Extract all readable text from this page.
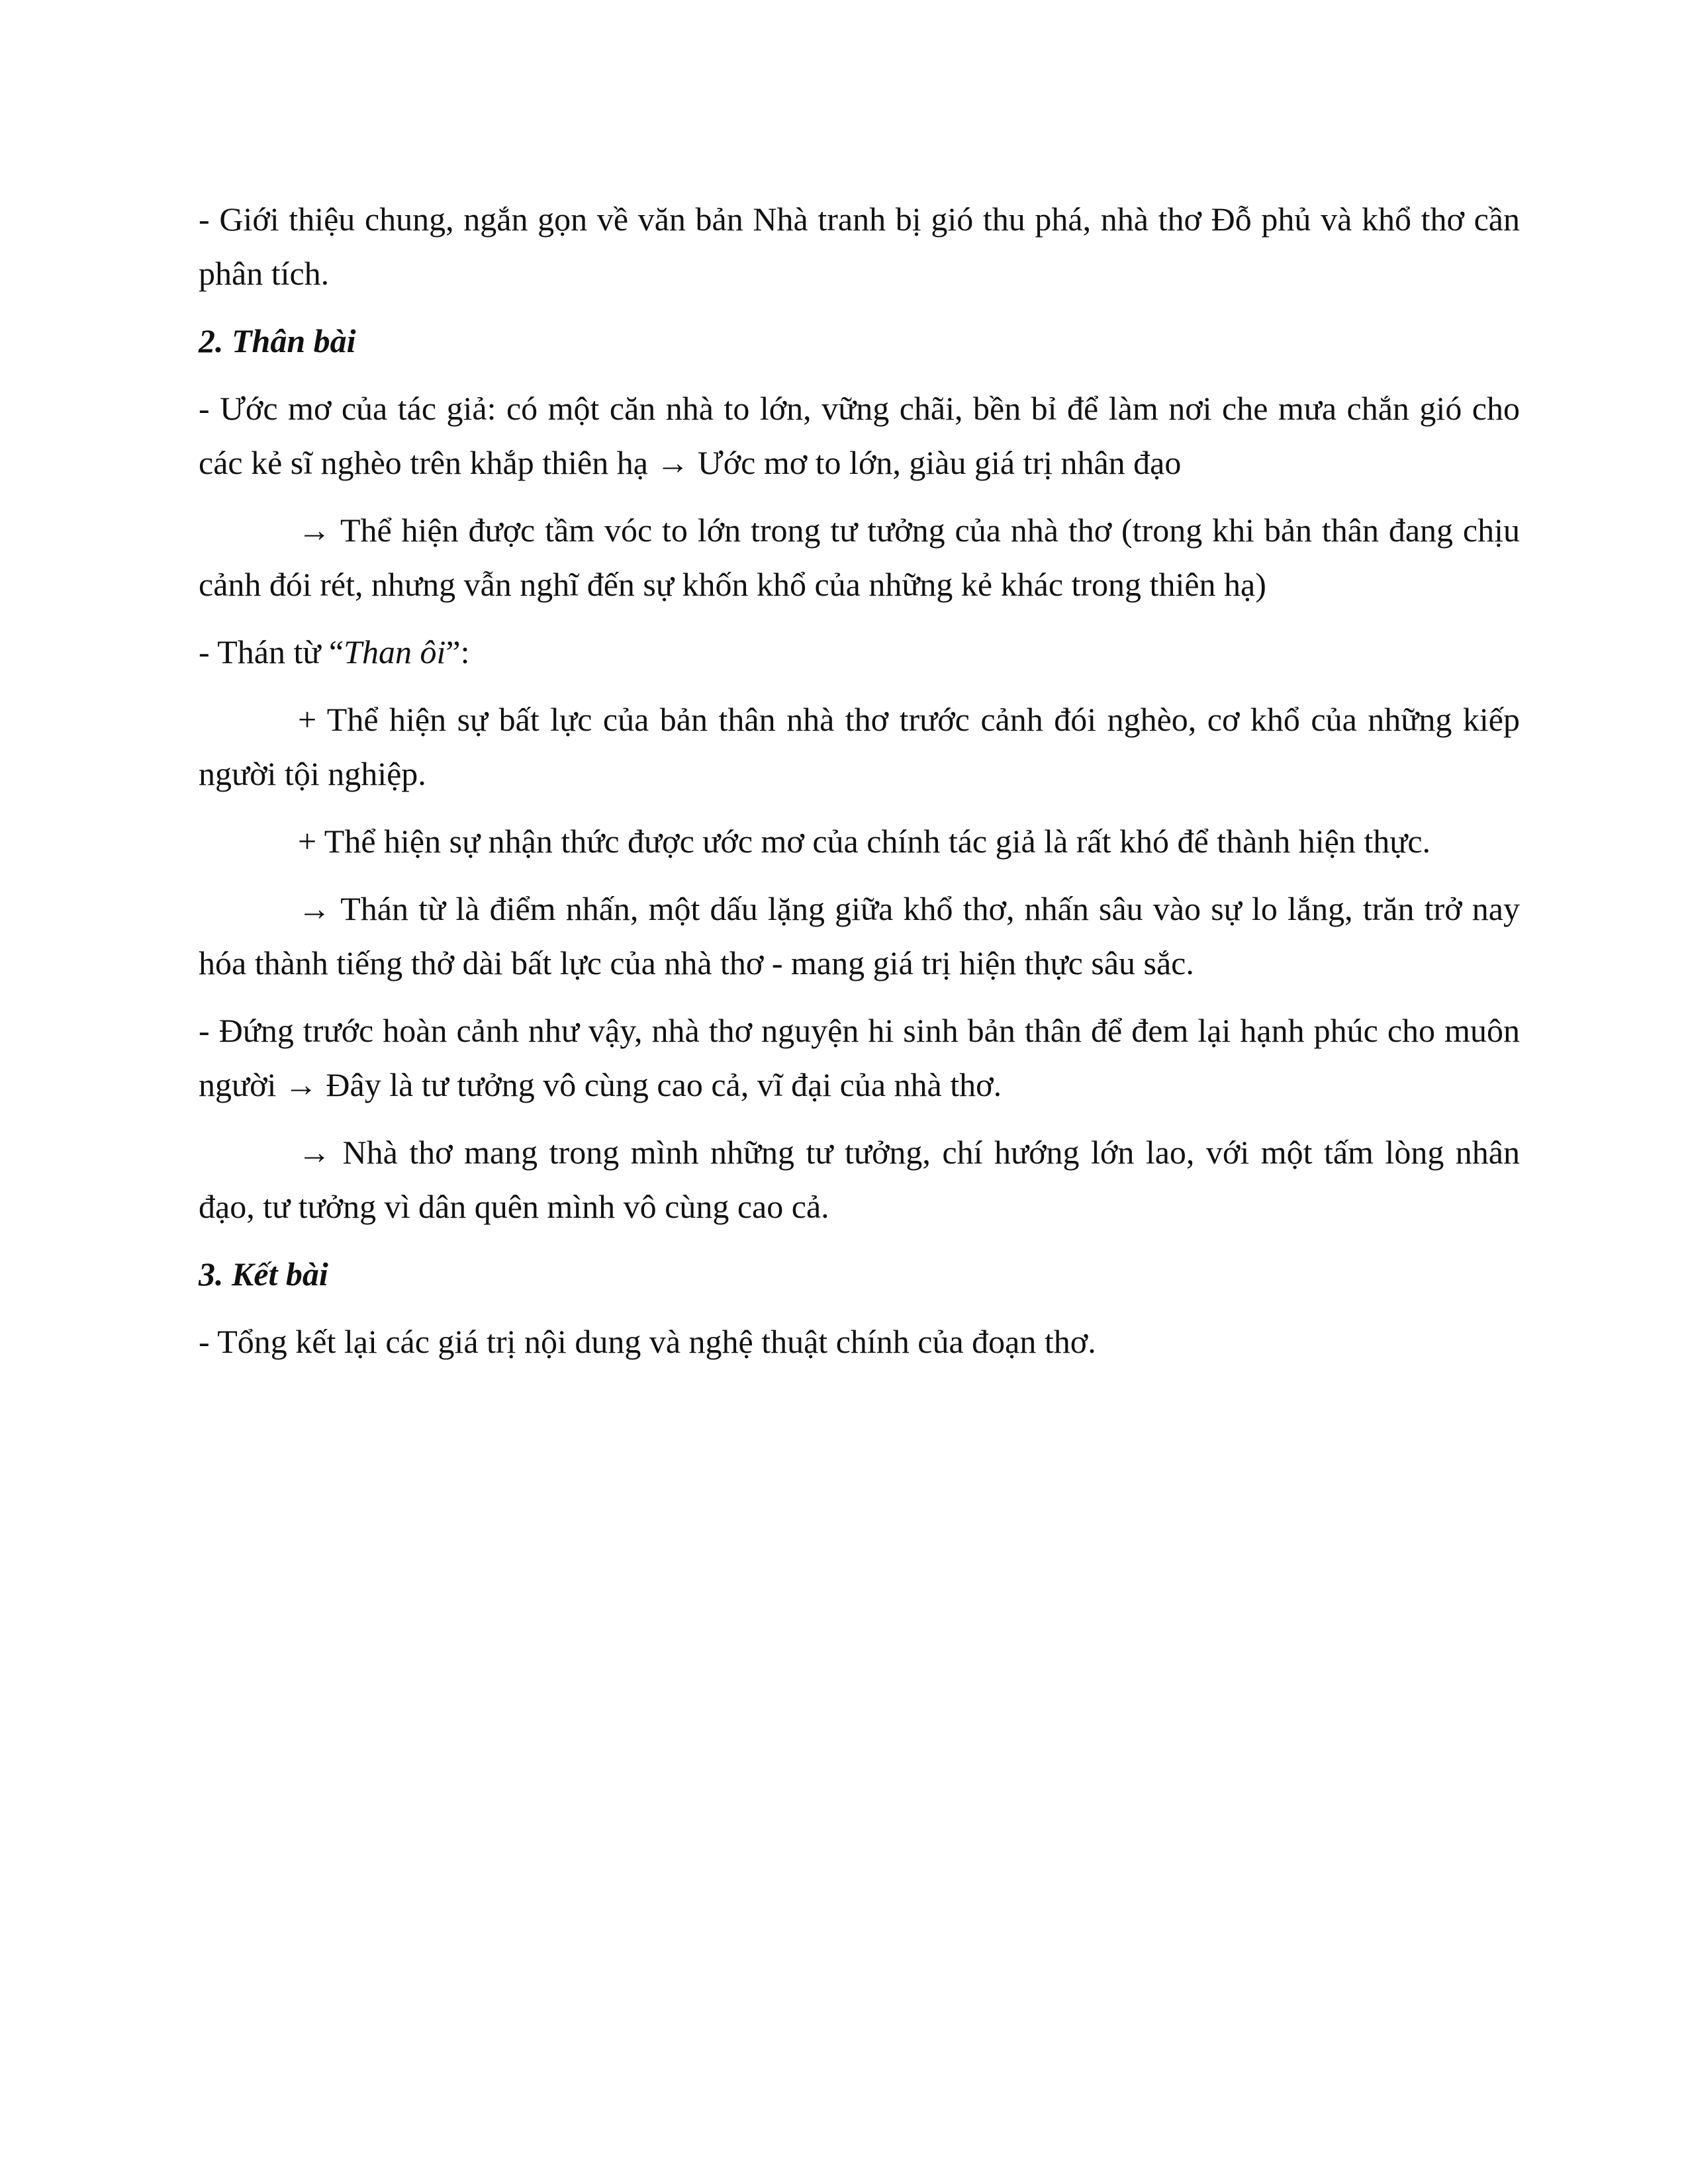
- Giới thiệu chung, ngắn gọn về văn bản Nhà tranh bị gió thu phá, nhà thơ Đỗ phủ và khổ thơ cần phân tích.

2. Thân bài

- Ước mơ của tác giả: có một căn nhà to lớn, vững chãi, bền bỉ để làm nơi che mưa chắn gió cho các kẻ sĩ nghèo trên khắp thiên hạ → Ước mơ to lớn, giàu giá trị nhân đạo

→ Thể hiện được tầm vóc to lớn trong tư tưởng của nhà thơ (trong khi bản thân đang chịu cảnh đói rét, nhưng vẫn nghĩ đến sự khốn khổ của những kẻ khác trong thiên hạ)

- Thán từ “Than ôi”:

+ Thể hiện sự bất lực của bản thân nhà thơ trước cảnh đói nghèo, cơ khổ của những kiếp người tội nghiệp.

+ Thể hiện sự nhận thức được ước mơ của chính tác giả là rất khó để thành hiện thực.

→ Thán từ là điểm nhấn, một dấu lặng giữa khổ thơ, nhấn sâu vào sự lo lắng, trăn trở nay hóa thành tiếng thở dài bất lực của nhà thơ - mang giá trị hiện thực sâu sắc.

- Đứng trước hoàn cảnh như vậy, nhà thơ nguyện hi sinh bản thân để đem lại hạnh phúc cho muôn người → Đây là tư tưởng vô cùng cao cả, vĩ đại của nhà thơ.

→ Nhà thơ mang trong mình những tư tưởng, chí hướng lớn lao, với một tấm lòng nhân đạo, tư tưởng vì dân quên mình vô cùng cao cả.

3. Kết bài

- Tổng kết lại các giá trị nội dung và nghệ thuật chính của đoạn thơ.
